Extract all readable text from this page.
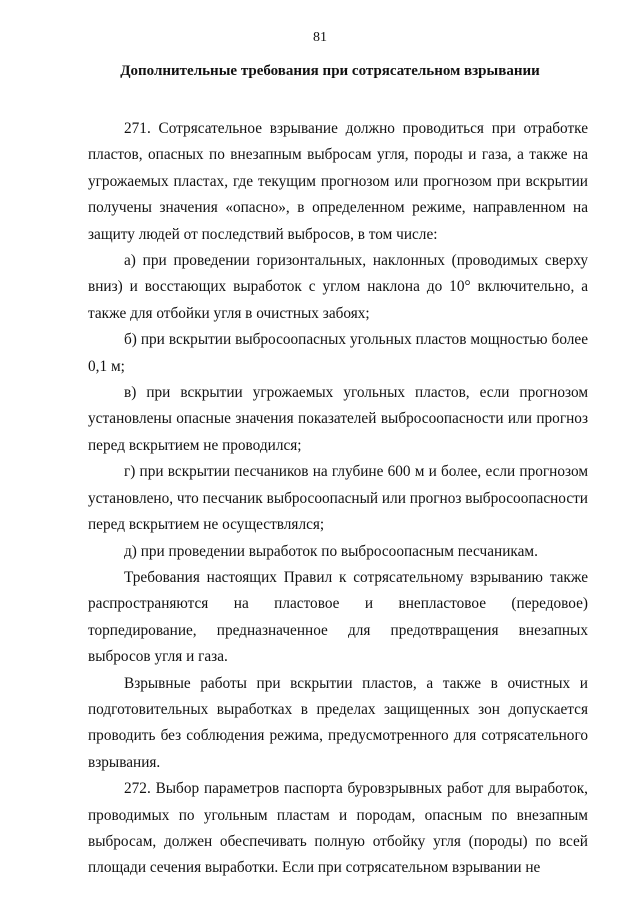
81
Дополнительные требования при сотрясательном взрывании

271. Сотрясательное взрывание должно проводиться при отработке пластов, опасных по внезапным выбросам угля, породы и газа, а также на угрожаемых пластах, где текущим прогнозом или прогнозом при вскрытии получены значения «опасно», в определенном режиме, направленном на защиту людей от последствий выбросов, в том числе:

а) при проведении горизонтальных, наклонных (проводимых сверху вниз) и восстающих выработок с углом наклона до 10° включительно, а также для отбойки угля в очистных забоях;

б) при вскрытии выбросоопасных угольных пластов мощностью более 0,1 м;

в) при вскрытии угрожаемых угольных пластов, если прогнозом установлены опасные значения показателей выбросоопасности или прогноз перед вскрытием не проводился;

г) при вскрытии песчаников на глубине 600 м и более, если прогнозом установлено, что песчаник выбросоопасный или прогноз выбросоопасности перед вскрытием не осуществлялся;

д) при проведении выработок по выбросоопасным песчаникам.

Требования настоящих Правил к сотрясательному взрыванию также распространяются на пластовое и внепластовое (передовое) торпедирование, предназначенное для предотвращения внезапных выбросов угля и газа.

Взрывные работы при вскрытии пластов, а также в очистных и подготовительных выработках в пределах защищенных зон допускается проводить без соблюдения режима, предусмотренного для сотрясательного взрывания.

272. Выбор параметров паспорта буровзрывных работ для выработок, проводимых по угольным пластам и породам, опасным по внезапным выбросам, должен обеспечивать полную отбойку угля (породы) по всей площади сечения выработки. Если при сотрясательном взрывании не
